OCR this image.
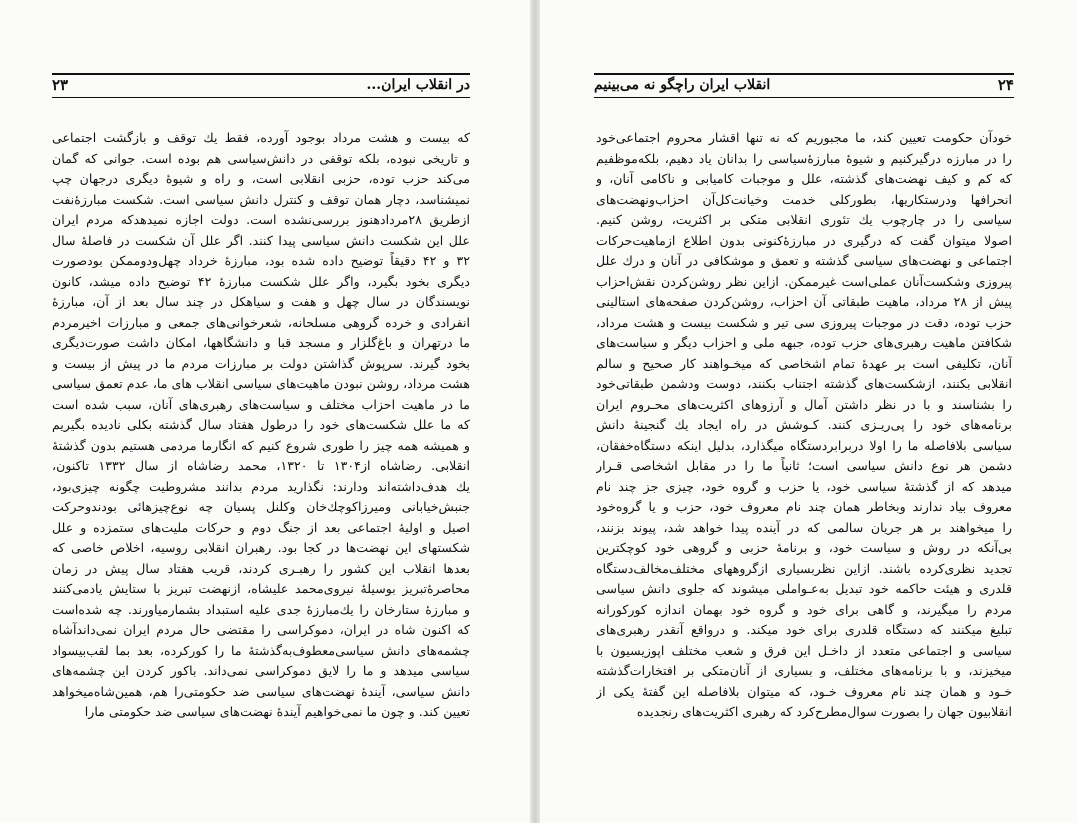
۲۳	در انقلاب ایران...
که بیست و هشت مرداد بوجود آورده، فقط یك توقف و بازگشت اجتماعی
و تاریخی نبوده، بلکه توقفی در دانش‌سیاسی هم بوده است. جوانی که گمان
می‌کند حزب توده، حزبی انقلابی است، و راه و شیوهٔ دیگری درجهان چپ
نمیشناسد، دچار همان توقف و کنترل دانش سیاسی است. شکست مبارزهٔ‌نفت
ازطریق ۲۸مرداد‌هنوز بررسی‌نشده است. دولت اجازه نمیدهدکه مردم ایران
علل این شکست دانش سیاسی پیدا کنند. اگر علل آن شکست در فاصلهٔ سال
۳۲ و ۴۲ دقیقاً توضیح داده شده بود، مبارزهٔ خرداد چهل‌ودو‌ممکن بودصورت
دیگری بخود بگیرد، واگر علل شکست مبارزهٔ ۴۲ توضیح داده میشد، کانون
نویسندگان در سال چهل و هفت و سیاهکل در چند سال بعد از آن، مبارزهٔ
انفرادی و خرده گروهی مسلحانه، شعرخوانی‌های جمعی و مبارزات اخیرمردم
ما در‌تهران و باغ‌گلزار و مسجد قبا و دانشگاهها، امکان داشت صورت‌دیگری
بخود گیرند. سرپوش گذاشتن دولت بر مبارزات مردم ما در پیش از بیست و
هشت مرداد، روشن نبودن ماهیت‌های سیاسی انقلاب های ما، عدم تعمق سیاسی
ما در ماهیت احزاب مختلف و سیاست‌های رهبری‌های آنان، سبب شده است
که ما علل شکست‌های خود را در‌طول هفتاد سال گذشته بکلی نادیده بگیریم
و همیشه همه چیز را طوری شروع کنیم که انگارما مردمی هستیم بدون گذشتهٔ
انقلابی. رضاشاه از۱۳۰۴ تا ۱۳۲۰، محمد رضاشاه از سال ۱۳۳۲ تاکنون،
یك هدف‌داشته‌اند ودارند: نگذارید مردم بدانند مشروطیت چگونه چیزی‌بود،
جنبش‌خیابانی ومیرزاکوچك‌خان وکلنل پسیان چه نوع‌چیزهائی بودند‌وحرکت
اصیل و اولیهٔ اجتماعی بعد از جنگ دوم و حرکات ملیت‌های ستمزده و علل
شکستهای این نهضت‌ها در کجا بود. رهبران انقلابی روسیه، اخلاص خاصی که
بعدها انقلاب این کشور را رهبـری کردند، قریب هفتاد سال پیش در زمان
محاصرهٔ‌تبریز بوسیلهٔ نیروی‌محمد علیشاه، ازنهضت تبریز با ستایش یادمی‌کنند
و مبارزهٔ ستارخان را یك‌مبارزهٔ جدی علیه استبداد بشمارمیاورند. چه شده‌است
که اکنون شاه در ایران، دموکراسی را مقتضی حال مردم ایران نمی‌داند‌آشاه
چشمه‌های دانش سیاسی‌معطوف‌به‌گذشتهٔ ما را کورکرده، بعد بما لقب‌بیسواد
سیاسی میدهد و ما را لایق دموکراسی نمی‌داند. باکور کردن این چشمه‌های
دانش سیاسی، آیندهٔ نهضت‌های سیاسی ضد حکومتی‌را هم، همین‌شاه‌میخواهد
تعیین کند. و چون ما نمی‌خواهیم آیندهٔ نهضت‌های سیاسی ضد حکومتی مارا
انقلاب ایران راچگو نه می‌بینیم	۲۴
خودآن حکومت تعیین کند، ما مجبوریم که نه تنها اقشار محروم اجتماعی‌خود
را در مبارزه درگیرکنیم و شیوهٔ مبارزهٔ‌سیاسی را بدانان یاد دهیم، بلکه‌موظفیم
که کم و کیف نهضت‌های گذشته، علل و موجبات کامیابی و ناکامی آنان، و
انحرافها ودرستکاریها، بطورکلی خدمت وخیانت‌کل‌آن احزاب‌ونهضت‌های
سیاسی را در چارچوب یك تئوری انقلابی متکی بر اکثریت، روشن کنیم.
اصولا میتوان گفت که درگیری در مبارزهٔ‌کنونی بدون اطلاع ازماهیت‌حرکات
اجتماعی و نهضت‌های سیاسی گذشته و تعمق و موشکافی در آنان و درك علل
پیروزی وشکست‌آنان عملی‌است غیرممکن. ازاین نظر روشن‌کردن نقش‌احزاب
پیش از ۲۸ مرداد، ماهیت طبقاتی آن احزاب، روشن‌کردن صفحه‌های استالینی
حزب توده، دقت در موجبات پیروزی سی تیر و شکست بیست و هشت مرداد،
شکافتن ماهیت رهبری‌های حزب توده، جبهه ملی و احزاب دیگر و سیاست‌های
آنان، تکلیفی است بر عهدهٔ تمام اشخاصی که میخـواهند کار صحیح و سالم
انقلابی بکنند، ازشکست‌های گذشته اجتناب بکنند، دوست ودشمن طبقاتی‌خود
را بشناسند و با در نظر داشتن آمال و آرزوهای اکثریت‌های محـروم ایران
برنامه‌های خود را پی‌ریـزی کنند. کـوشش در راه ایجاد یك گنجینهٔ دانش
سیاسی بلافاصله ما را اولا دربرابردستگاه میگذارد، بدلیل اینکه دستگاه‌خفقان،
دشمن هر نوع دانش سیاسی است؛ ثانیاً ما را در مقابل اشخاصی قـرار
میدهد که از گذشتهٔ سیاسی خود، یا حزب و گروه خود، چیزی جز چند نام
معروف بیاد ندارند وبخاطر همان چند نام معروف خود، حزب و یا گروه‌خود
را میخواهند بر هر جریان سالمی که در آینده پیدا خواهد شد، پیوند بزنند،
بی‌آنکه در روش و سیاست خود، و برنامهٔ حزبی و گروهی خود کوچکترین
تجدید نظری‌کرده باشند. ازاین نظربسیاری ازگروههای مختلف‌مخالف‌دستگاه
قلدری و هیئت حاکمه خود تبدیل به‌عـواملی میشوند که جلوی دانش سیاسی
مردم را میگیرند، و گاهی برای خود و گروه خود بهمان اندازه کورکورانه
تبلیغ میکنند که دستگاه قلدری برای خود میکند. و درواقع آنقدر رهبری‌های
سیاسی و اجتماعی متعدد از داخـل این فرق و شعب مختلف اپوزیسیون با
میخیزند، و با برنامه‌های مختلف، و بسیاری از آنان‌متکی بر افتخارات‌گذشته
خـود و همان چند نام معروف خـود، که میتوان بلافاصله این گفتهٔ یکی از
انقلابیون جهان را بصورت سوال‌مطرح‌کرد که رهبری اکثریت‌های رنجدیده
